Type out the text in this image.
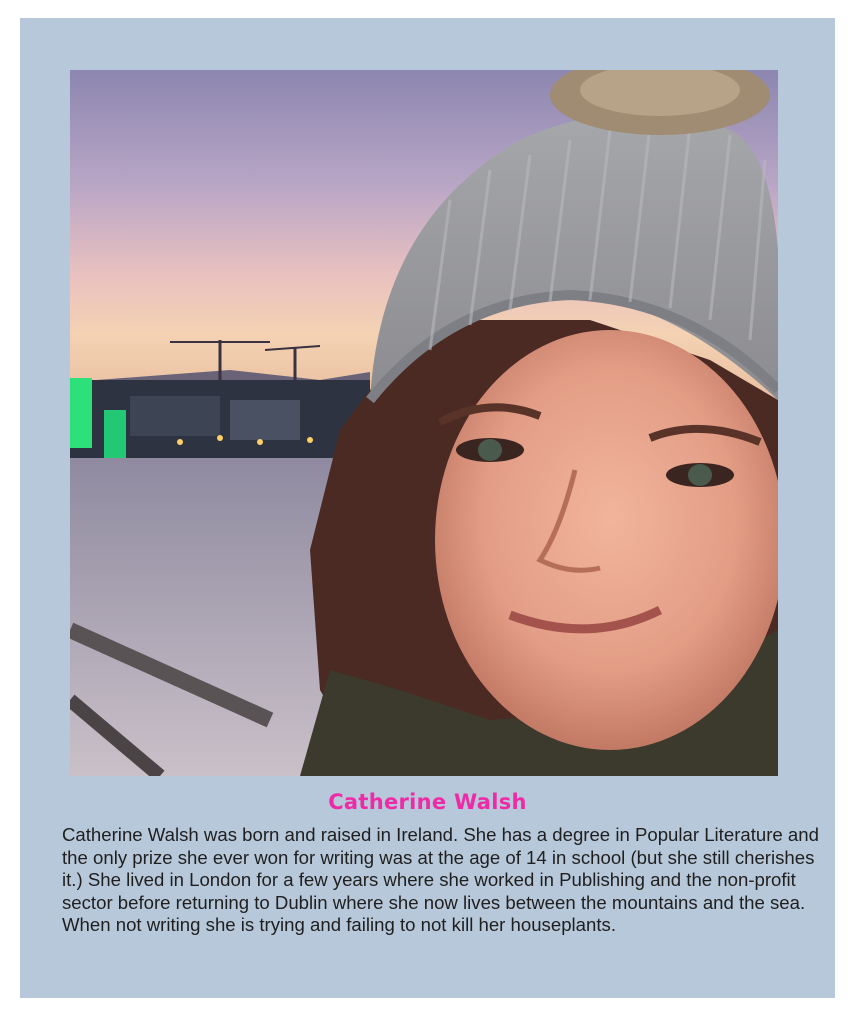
Catherine Walsh
Catherine Walsh was born and raised in Ireland. She has a degree in Popular Literature and the only prize she ever won for writing was at the age of 14 in school (but she still cherishes it.) She lived in London for a few years where she worked in Publishing and the non-profit sector before returning to Dublin where she now lives between the mountains and the sea. When not writing she is trying and failing to not kill her houseplants.
